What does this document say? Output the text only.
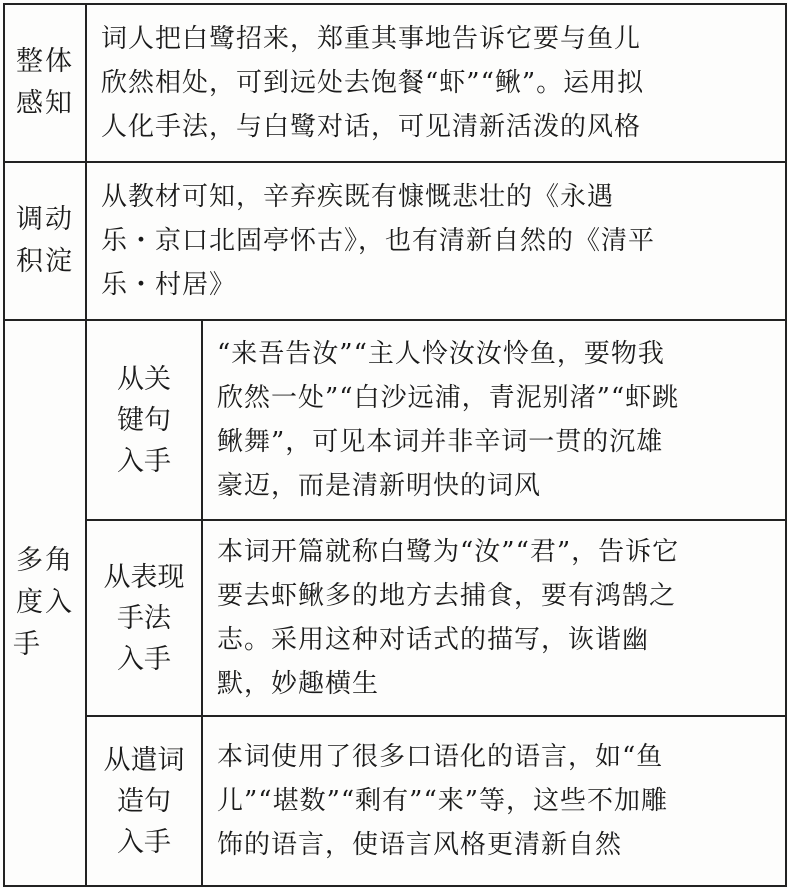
整体
感知	词人把白鹭招来，郑重其事地告诉它要与鱼儿
欣然相处，可到远处去饱餐“虾”“鳅”。运用拟
人化手法，与白鹭对话，可见清新活泼的风格	

调动
积淀	从教材可知，辛弃疾既有慷慨悲壮的《永遇
乐・京口北固亭怀古》，也有清新自然的《清平
乐・村居》	

多角
度入
手	从关
键句
入手	“来吾告汝”“主人怜汝汝怜鱼，要物我
欣然一处”“白沙远浦，青泥别渚”“虾跳
鳅舞”，可见本词并非辛词一贯的沉雄
豪迈，而是清新明快的词风

	从表现
手法
入手	本词开篇就称白鹭为“汝”“君”，告诉它
要去虾鳅多的地方去捕食，要有鸿鹄之
志。采用这种对话式的描写，诙谐幽
默，妙趣横生

	从遣词
造句
入手	本词使用了很多口语化的语言，如“鱼
儿”“堪数”“剩有”“来”等，这些不加雕
饰的语言，使语言风格更清新自然
